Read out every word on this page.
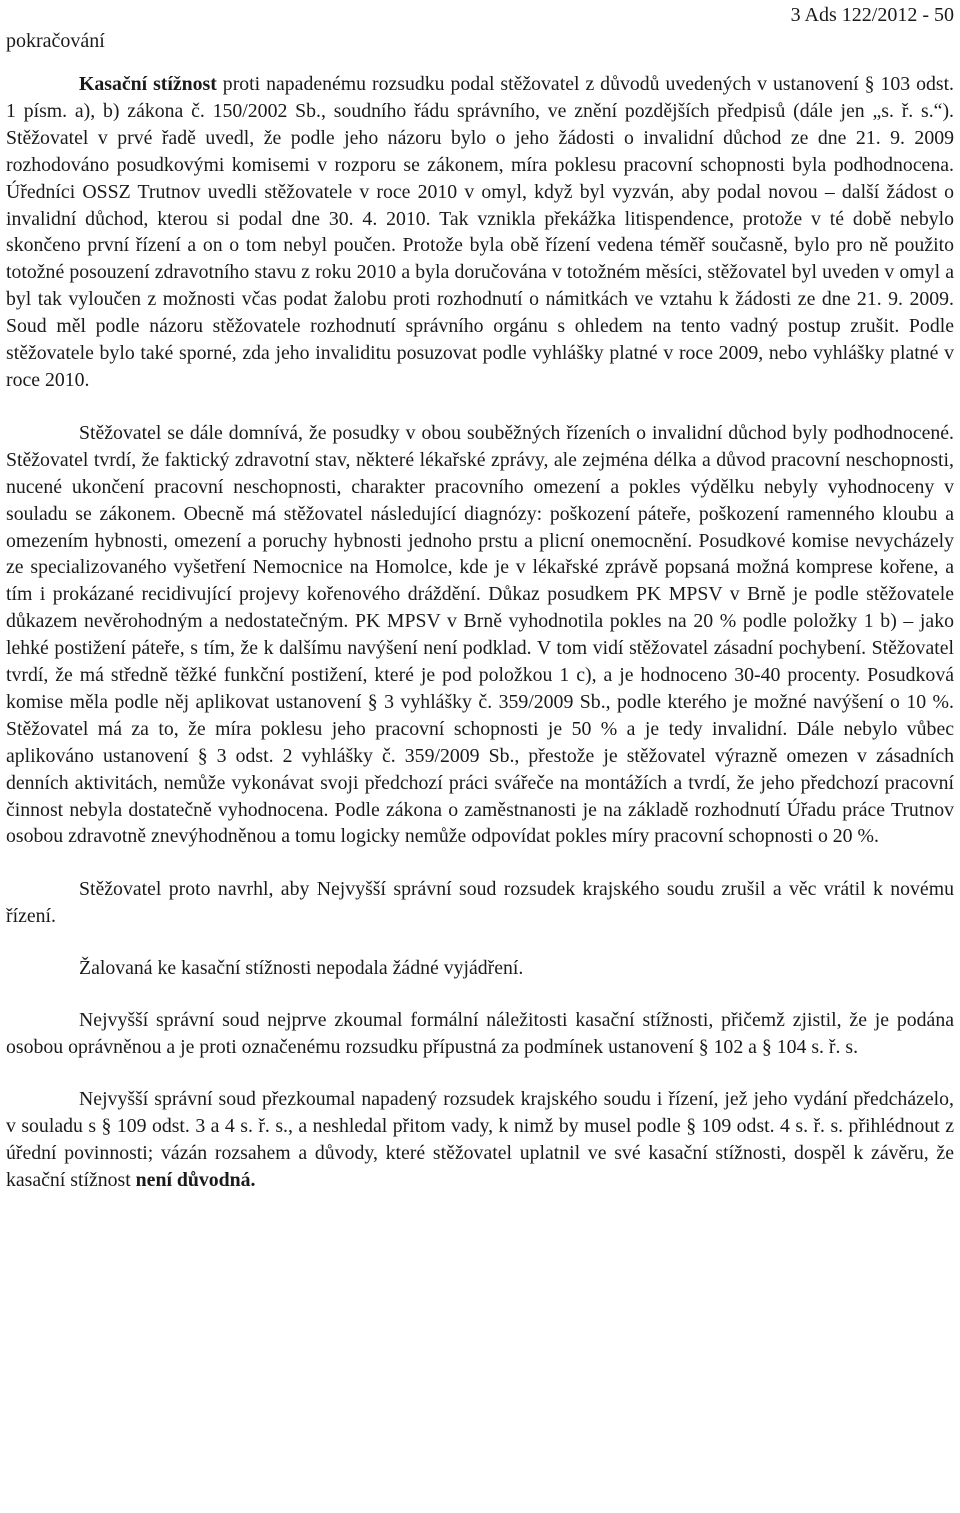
pokračování
3 Ads 122/2012 - 50

Kasační stížnost proti napadenému rozsudku podal stěžovatel z důvodů uvedených v ustanovení § 103 odst. 1 písm. a), b) zákona č. 150/2002 Sb., soudního řádu správního, ve znění pozdějších předpisů (dále jen „s. ř. s.“). Stěžovatel v prvé řadě uvedl, že podle jeho názoru bylo o jeho žádosti o invalidní důchod ze dne 21. 9. 2009 rozhodováno posudkovými komisemi v rozporu se zákonem, míra poklesu pracovní schopnosti byla podhodnocena. Úředníci OSSZ Trutnov uvedli stěžovatele v roce 2010 v omyl, když byl vyzván, aby podal novou – další žádost o invalidní důchod, kterou si podal dne 30. 4. 2010. Tak vznikla překážka litispendence, protože v té době nebylo skončeno první řízení a on o tom nebyl poučen. Protože byla obě řízení vedena téměř současně, bylo pro ně použito totožné posouzení zdravotního stavu z roku 2010 a byla doručována v totožném měsíci, stěžovatel byl uveden v omyl a byl tak vyloučen z možnosti včas podat žalobu proti rozhodnutí o námitkách ve vztahu k žádosti ze dne 21. 9. 2009. Soud měl podle názoru stěžovatele rozhodnutí správního orgánu s ohledem na tento vadný postup zrušit. Podle stěžovatele bylo také sporné, zda jeho invaliditu posuzovat podle vyhlášky platné v roce 2009, nebo vyhlášky platné v roce 2010.

Stěžovatel se dále domnívá, že posudky v obou souběžných řízeních o invalidní důchod byly podhodnocené. Stěžovatel tvrdí, že faktický zdravotní stav, některé lékařské zprávy, ale zejména délka a důvod pracovní neschopnosti, nucené ukončení pracovní neschopnosti, charakter pracovního omezení a pokles výdělku nebyly vyhodnoceny v souladu se zákonem. Obecně má stěžovatel následující diagnózy: poškození páteře, poškození ramenného kloubu a omezením hybnosti, omezení a poruchy hybnosti jednoho prstu a plicní onemocnění. Posudkové komise nevycházely ze specializovaného vyšetření Nemocnice na Homolce, kde je v lékařské zprávě popsaná možná komprese kořene, a tím i prokázané recidivující projevy kořenového dráždění. Důkaz posudkem PK MPSV v Brně je podle stěžovatele důkazem nevěrohodným a nedostatečným. PK MPSV v Brně vyhodnotila pokles na 20 % podle položky 1 b) – jako lehké postižení páteře, s tím, že k dalšímu navýšení není podklad. V tom vidí stěžovatel zásadní pochybení. Stěžovatel tvrdí, že má středně těžké funkční postižení, které je pod položkou 1 c), a je hodnoceno 30-40 procenty. Posudková komise měla podle něj aplikovat ustanovení § 3 vyhlášky č. 359/2009 Sb., podle kterého je možné navýšení o 10 %. Stěžovatel má za to, že míra poklesu jeho pracovní schopnosti je 50 % a je tedy invalidní. Dále nebylo vůbec aplikováno ustanovení § 3 odst. 2 vyhlášky č. 359/2009 Sb., přestože je stěžovatel výrazně omezen v zásadních denních aktivitách, nemůže vykonávat svoji předchozí práci svářeče na montážích a tvrdí, že jeho předchozí pracovní činnost nebyla dostatečně vyhodnocena. Podle zákona o zaměstnanosti je na základě rozhodnutí Úřadu práce Trutnov osobou zdravotně znevýhodněnou a tomu logicky nemůže odpovídat pokles míry pracovní schopnosti o 20 %.

Stěžovatel proto navrhl, aby Nejvyšší správní soud rozsudek krajského soudu zrušil a věc vrátil k novému řízení.

Žalovaná ke kasační stížnosti nepodala žádné vyjádření.

Nejvyšší správní soud nejprve zkoumal formální náležitosti kasační stížnosti, přičemž zjistil, že je podána osobou oprávněnou a je proti označenému rozsudku přípustná za podmínek ustanovení § 102 a § 104 s. ř. s.

Nejvyšší správní soud přezkoumal napadený rozsudek krajského soudu i řízení, jež jeho vydání předcházelo, v souladu s § 109 odst. 3 a 4 s. ř. s., a neshledal přitom vady, k nimž by musel podle § 109 odst. 4 s. ř. s. přihlédnout z úřední povinnosti; vázán rozsahem a důvody, které stěžovatel uplatnil ve své kasační stížnosti, dospěl k závěru, že kasační stížnost není důvodná.
